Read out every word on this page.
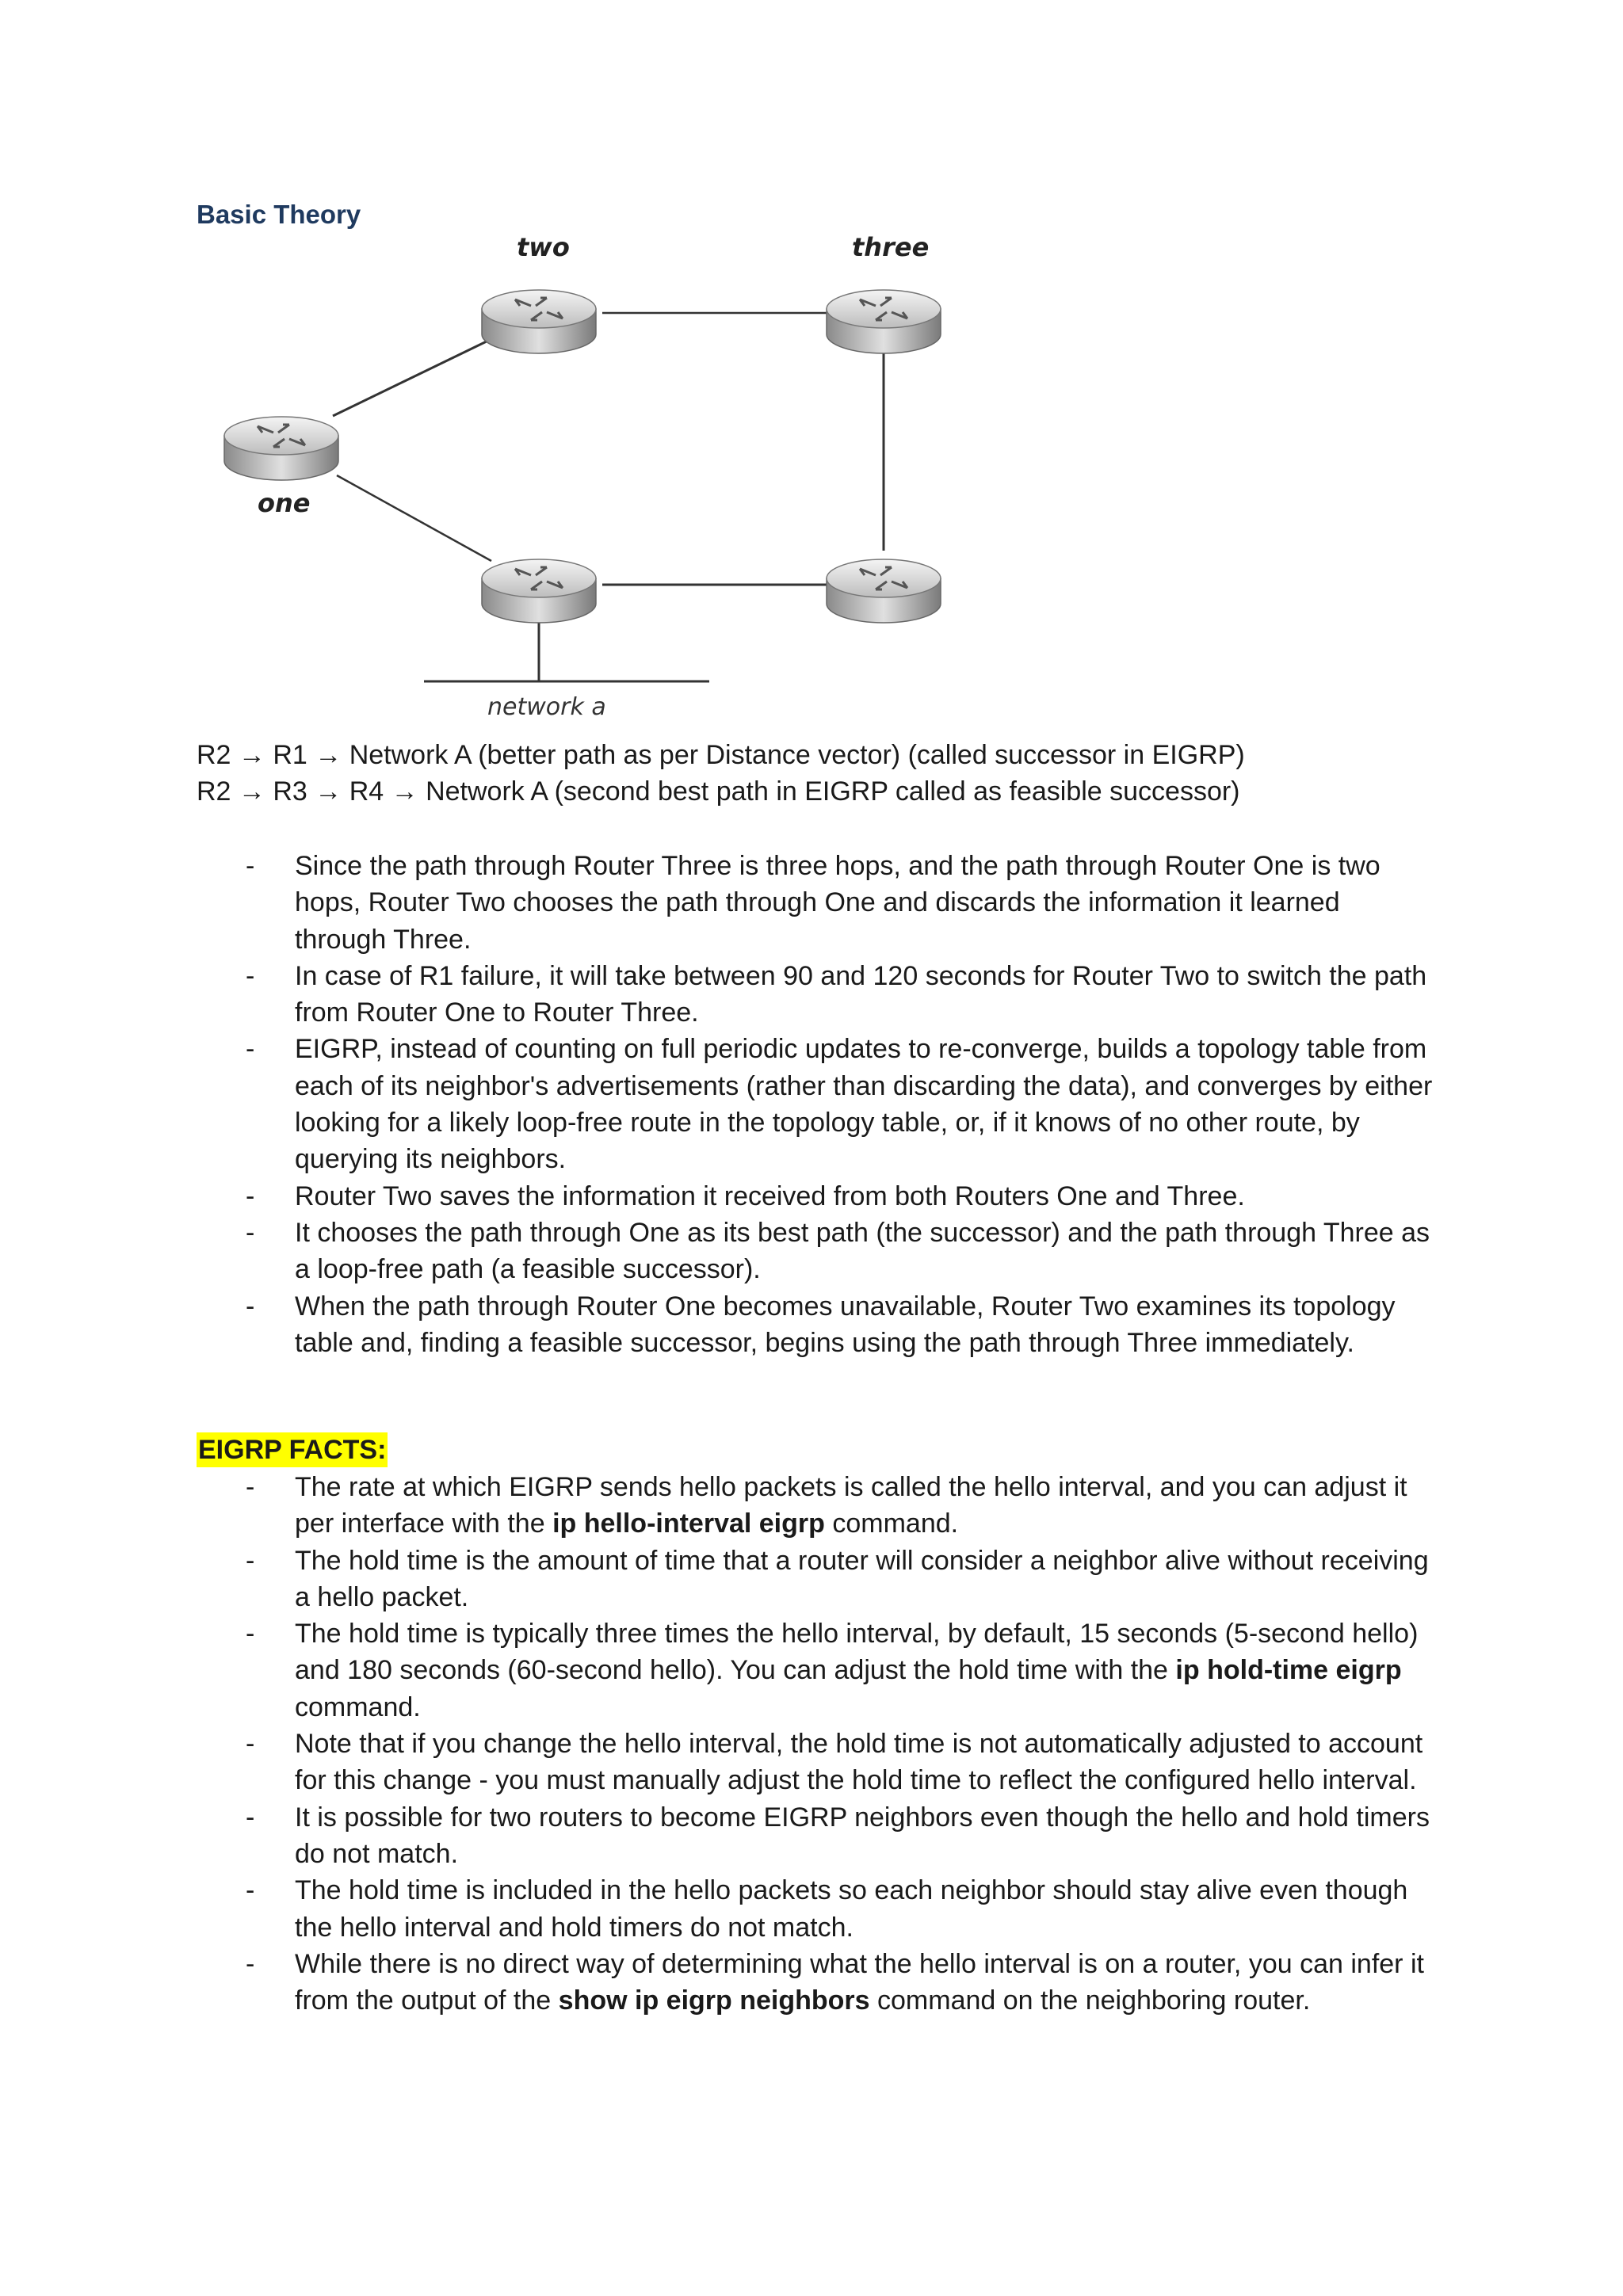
Basic Theory
two	three
one
network a
R2 → R1 → Network A (better path as per Distance vector) (called successor in EIGRP)
R2 → R3 → R4 → Network A (second best path in EIGRP called as feasible successor)
- Since the path through Router Three is three hops, and the path through Router One is two hops, Router Two chooses the path through One and discards the information it learned through Three.
- In case of R1 failure, it will take between 90 and 120 seconds for Router Two to switch the path from Router One to Router Three.
- EIGRP, instead of counting on full periodic updates to re-converge, builds a topology table from each of its neighbor's advertisements (rather than discarding the data), and converges by either looking for a likely loop-free route in the topology table, or, if it knows of no other route, by querying its neighbors.
- Router Two saves the information it received from both Routers One and Three.
- It chooses the path through One as its best path (the successor) and the path through Three as a loop-free path (a feasible successor).
- When the path through Router One becomes unavailable, Router Two examines its topology table and, finding a feasible successor, begins using the path through Three immediately.
EIGRP FACTS:
- The rate at which EIGRP sends hello packets is called the hello interval, and you can adjust it per interface with the ip hello-interval eigrp command.
- The hold time is the amount of time that a router will consider a neighbor alive without receiving a hello packet.
- The hold time is typically three times the hello interval, by default, 15 seconds (5-second hello) and 180 seconds (60-second hello). You can adjust the hold time with the ip hold-time eigrp command.
- Note that if you change the hello interval, the hold time is not automatically adjusted to account for this change - you must manually adjust the hold time to reflect the configured hello interval.
- It is possible for two routers to become EIGRP neighbors even though the hello and hold timers do not match.
- The hold time is included in the hello packets so each neighbor should stay alive even though the hello interval and hold timers do not match.
- While there is no direct way of determining what the hello interval is on a router, you can infer it from the output of the show ip eigrp neighbors command on the neighboring router.
